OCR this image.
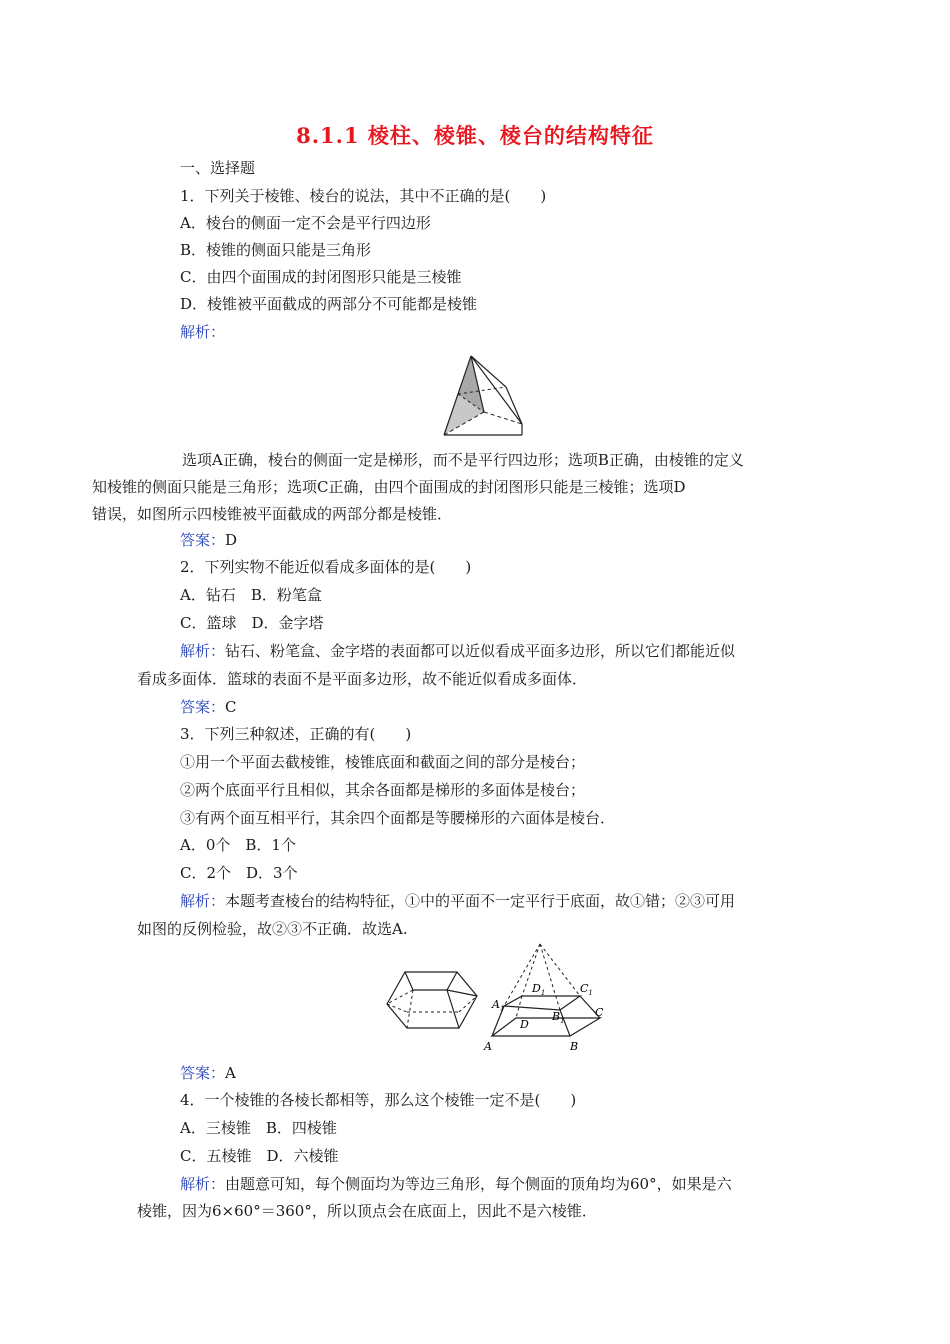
8.1.1 棱柱、棱锥、棱台的结构特征
一、选择题
1．下列关于棱锥、棱台的说法，其中不正确的是(　　)
A．棱台的侧面一定不会是平行四边形
B．棱锥的侧面只能是三角形
C．由四个面围成的封闭图形只能是三棱锥
D．棱锥被平面截成的两部分不可能都是棱锥
解析：
选项A正确，棱台的侧面一定是梯形，而不是平行四边形；选项B正确，由棱锥的定义
知棱锥的侧面只能是三角形；选项C正确，由四个面围成的封闭图形只能是三棱锥；选项D
错误，如图所示四棱锥被平面截成的两部分都是棱锥．
答案：D
2．下列实物不能近似看成多面体的是(　　)
A．钻石　B．粉笔盒
C．篮球　D．金字塔
解析：钻石、粉笔盒、金字塔的表面都可以近似看成平面多边形，所以它们都能近似
看成多面体．篮球的表面不是平面多边形，故不能近似看成多面体．
答案：C
3．下列三种叙述，正确的有(　　)
①用一个平面去截棱锥，棱锥底面和截面之间的部分是棱台；
②两个底面平行且相似，其余各面都是梯形的多面体是棱台；
③有两个面互相平行，其余四个面都是等腰梯形的六面体是棱台．
A．0个　B．1个
C．2个　D．3个
解析：本题考查棱台的结构特征，①中的平面不一定平行于底面，故①错；②③可用
如图的反例检验，故②③不正确．故选A.
$A_1$
$D_1$	$C_1$
$B_1$
C
D
A	B
答案：A
4．一个棱锥的各棱长都相等，那么这个棱锥一定不是(　　)
A．三棱锥　B．四棱锥
C．五棱锥　D．六棱锥
解析：由题意可知，每个侧面均为等边三角形，每个侧面的顶角均为60°，如果是六
棱锥，因为6×60°＝360°，所以顶点会在底面上，因此不是六棱锥．
